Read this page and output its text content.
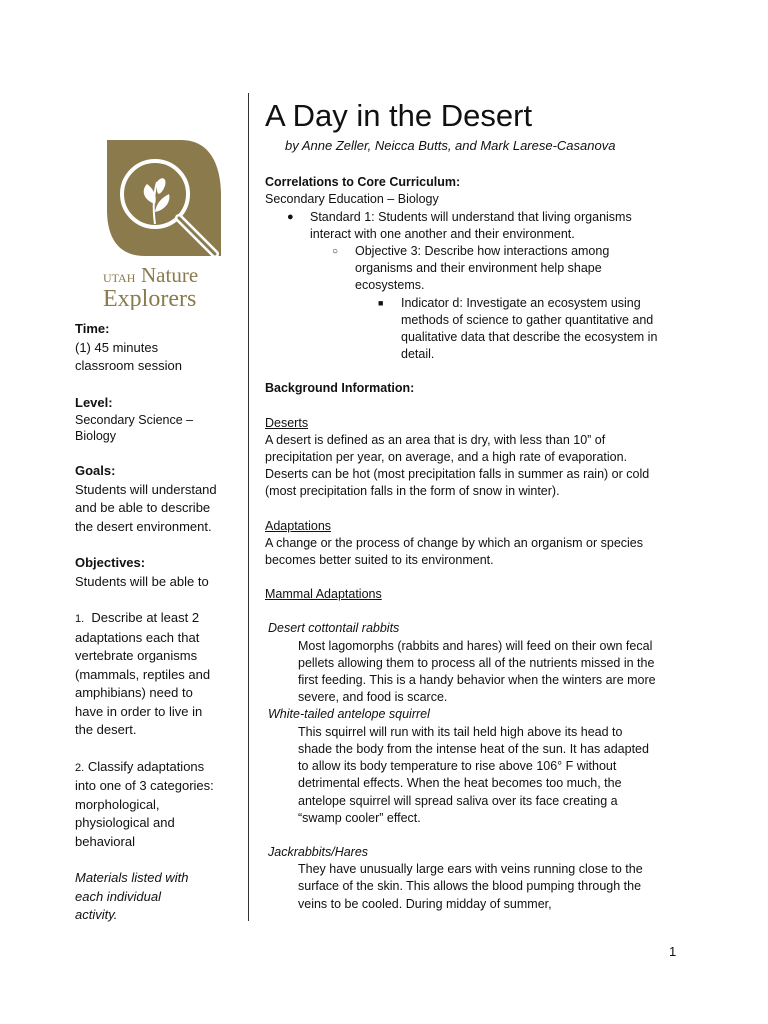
UTAH Nature
Explorers

Time:

(1) 45 minutes

classroom session

Level:

Secondary Science –

Biology

Goals:

Students will understand

and be able to describe

the desert environment.

Objectives:

Students will be able to

1. Describe at least 2

adaptations each that

vertebrate organisms

(mammals, reptiles and

amphibians) need to

have in order to live in

the desert.

2. Classify adaptations

into one of 3 categories:

morphological,

physiological and

behavioral

Materials listed with

each individual

activity.

A Day in the Desert

by Anne Zeller, Neicca Butts, and Mark Larese-Casanova

Correlations to Core Curriculum:

Secondary Education – Biology

● Standard 1: Students will understand that living organisms

interact with one another and their environment.

○ Objective 3: Describe how interactions among

organisms and their environment help shape

ecosystems.

■ Indicator d: Investigate an ecosystem using

methods of science to gather quantitative and

qualitative data that describe the ecosystem in

detail.

Background Information:

Deserts

A desert is defined as an area that is dry, with less than 10” of

precipitation per year, on average, and a high rate of evaporation.

Deserts can be hot (most precipitation falls in summer as rain) or cold

(most precipitation falls in the form of snow in winter).

Adaptations

A change or the process of change by which an organism or species

becomes better suited to its environment.

Mammal Adaptations

Desert cottontail rabbits

Most lagomorphs (rabbits and hares) will feed on their own fecal

pellets allowing them to process all of the nutrients missed in the

first feeding. This is a handy behavior when the winters are more

severe, and food is scarce.

White-tailed antelope squirrel

This squirrel will run with its tail held high above its head to

shade the body from the intense heat of the sun. It has adapted

to allow its body temperature to rise above 106° F without

detrimental effects. When the heat becomes too much, the

antelope squirrel will spread saliva over its face creating a

“swamp cooler” effect.

Jackrabbits/Hares

They have unusually large ears with veins running close to the

surface of the skin. This allows the blood pumping through the

veins to be cooled. During midday of summer,

1
